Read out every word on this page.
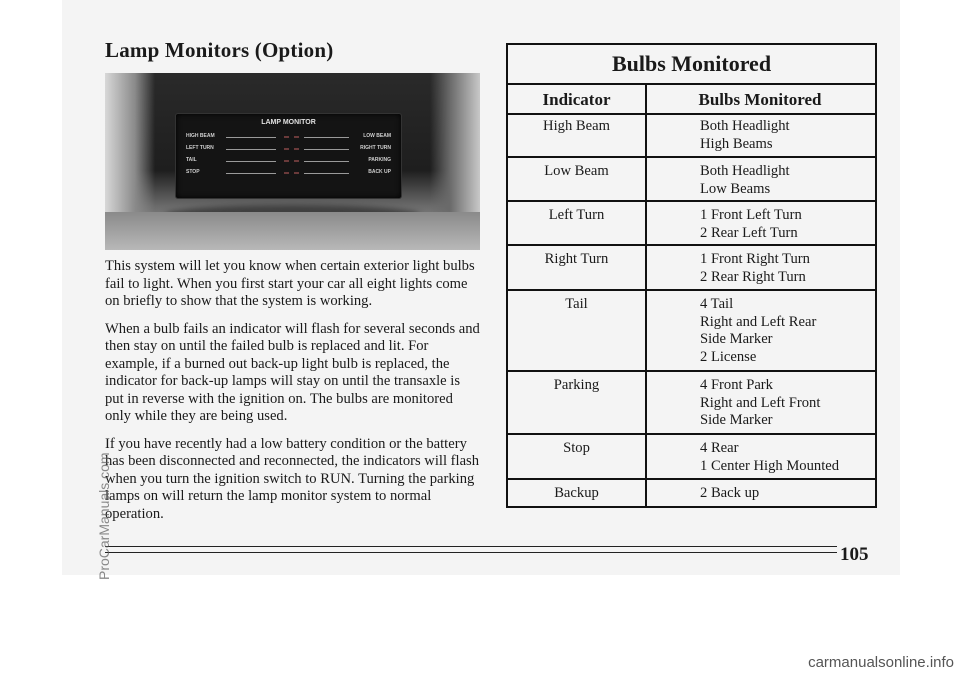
Lamp Monitors (Option)
LAMP MONITOR
HIGH BEAM	LOW BEAM
LEFT TURN	RIGHT TURN
TAIL	PARKING
STOP	BACK UP

This system will let you know when certain exterior light bulbs fail to light. When you first start your car all eight lights come on briefly to show that the system is working.

When a bulb fails an indicator will flash for several seconds and then stay on until the failed bulb is replaced and lit. For example, if a burned out back-up light bulb is replaced, the indicator for back-up lamps will stay on until the transaxle is put in reverse with the ignition on. The bulbs are monitored only while they are being used.

If you have recently had a low battery condition or the battery has been disconnected and reconnected, the indicators will flash when you turn the ignition switch to RUN. Turning the parking lamps on will return the lamp monitor system to normal operation.

Bulbs Monitored
Indicator	Bulbs Monitored
High Beam	Both Headlight
High Beams
Low Beam	Both Headlight
Low Beams
Left Turn	1 Front Left Turn
2 Rear Left Turn
Right Turn	1 Front Right Turn
2 Rear Right Turn
Tail	4 Tail
Right and Left Rear
Side Marker
2 License
Parking	4 Front Park
Right and Left Front
Side Marker
Stop	4 Rear
1 Center High Mounted
Backup	2 Back up
105
ProCarManuals.com
carmanualsonline.info
